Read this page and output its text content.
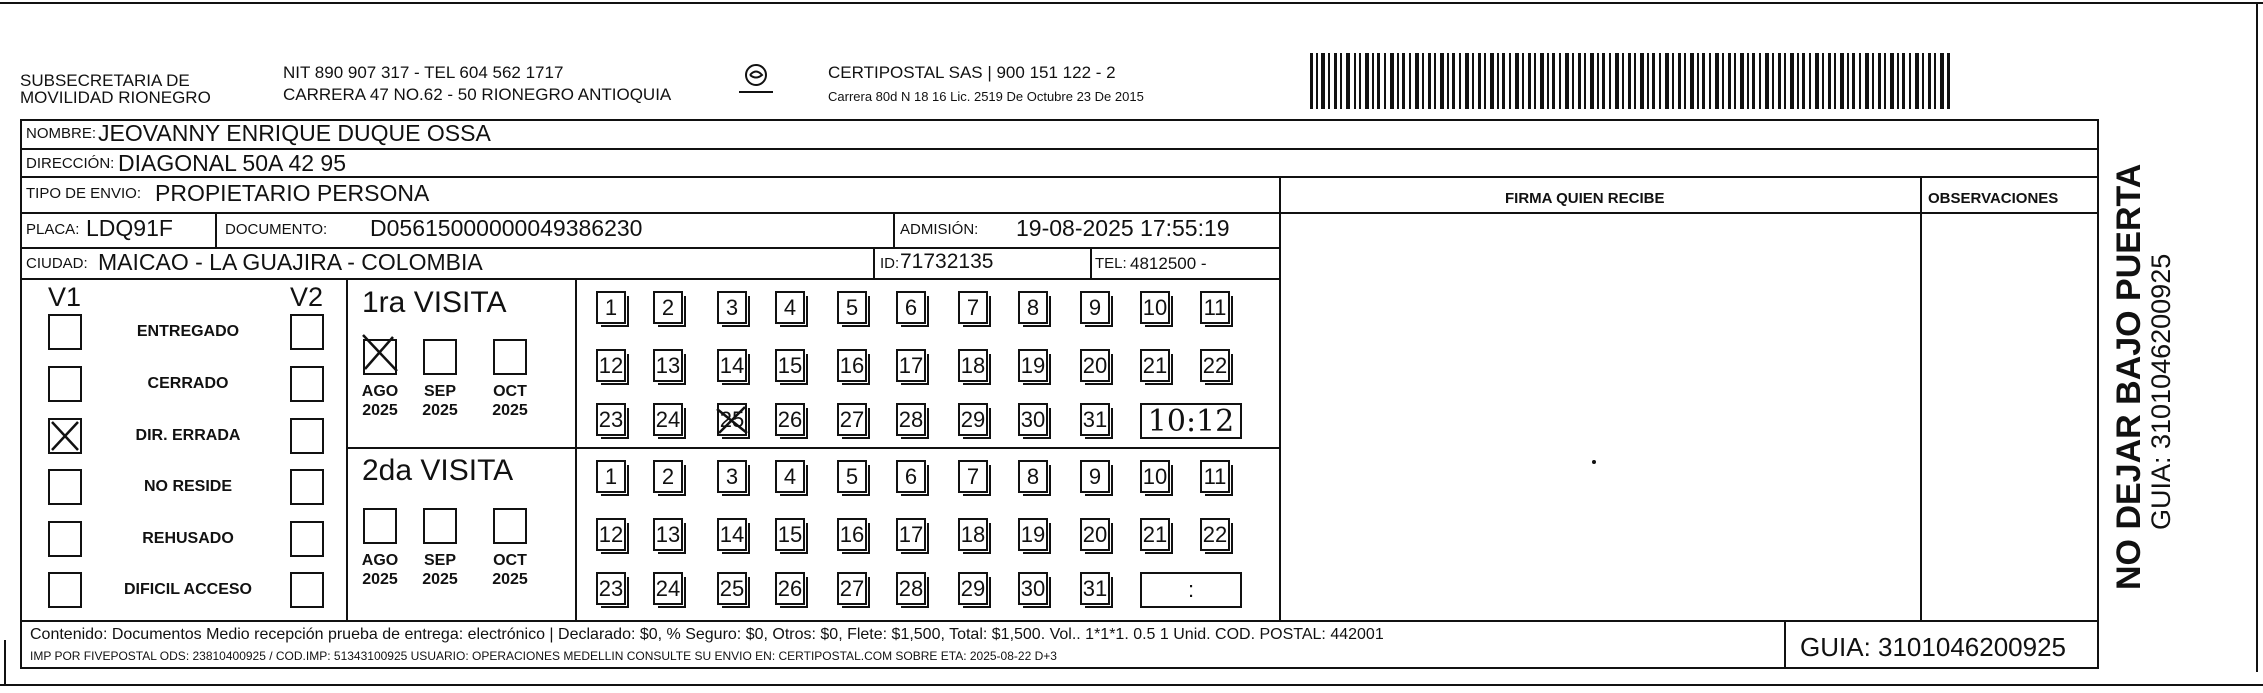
SUBSECRETARIA DE
MOVILIDAD RIONEGRO
NIT 890 907 317 - TEL 604 562 1717
CARRERA 47 NO.62 - 50 RIONEGRO ANTIOQUIA
CERTIPOSTAL SAS | 900 151 122 - 2
Carrera 80d N 18 16 Lic. 2519 De Octubre 23 De 2015
NOMBRE: JEOVANNY ENRIQUE DUQUE OSSA
DIRECCIÓN: DIAGONAL 50A 42 95
TIPO DE ENVIO: PROPIETARIO PERSONA	FIRMA QUIEN RECIBE	OBSERVACIONES
PLACA: LDQ91F	DOCUMENTO: D05615000000049386230	ADMISIÓN: 19-08-2025 17:55:19
CIUDAD: MAICAO - LA GUAJIRA - COLOMBIA	ID: 71732135	TEL: 4812500 -
V1	V2
ENTREGADO
CERRADO
DIR. ERRADA
NO RESIDE
REHUSADO
DIFICIL ACCESO
1ra VISITA
2da VISITA
AGO
2025
SEP
2025
OCT
2025
1 2 3 4 5 6 7 8 9 10 11
12 13 14 15 16 17 18 19 20 21 22
23 24 25 26 27 28 29 30 31 10:12
AGO
2025
SEP
2025
OCT
2025
1 2 3 4 5 6 7 8 9 10 11
12 13 14 15 16 17 18 19 20 21 22
23 24 25 26 27 28 29 30 31	:
Contenido: Documentos Medio recepción prueba de entrega: electrónico | Declarado: $0, % Seguro: $0, Otros: $0, Flete: $1,500, Total: $1,500. Vol.. 1*1*1. 0.5 1 Unid. COD. POSTAL: 442001
IMP POR FIVEPOSTAL ODS: 23810400925 / COD.IMP: 51343100925 USUARIO: OPERACIONES MEDELLIN CONSULTE SU ENVIO EN: CERTIPOSTAL.COM SOBRE ETA: 2025-08-22 D+3	GUIA: 3101046200925
NO DEJAR BAJO PUERTA
GUIA: 3101046200925
